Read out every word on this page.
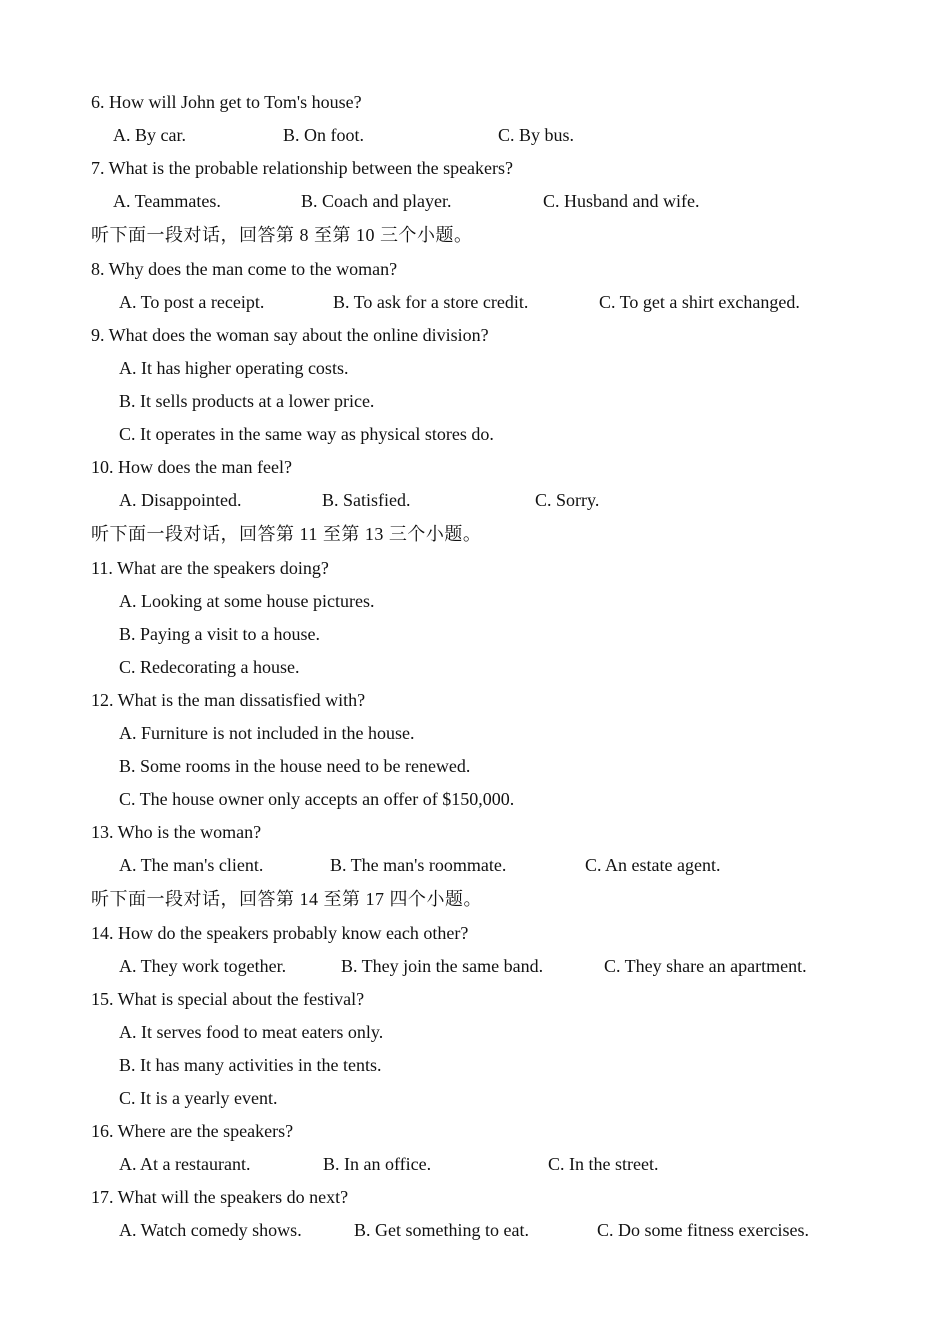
6. How will John get to Tom's house?
A. By car.	B. On foot.	C. By bus.
7. What is the probable relationship between the speakers?
A. Teammates.	B. Coach and player.	C. Husband and wife.
听下面一段对话，回答第 8 至第 10 三个小题。
8. Why does the man come to the woman?
A. To post a receipt.	B. To ask for a store credit.	C. To get a shirt exchanged.
9. What does the woman say about the online division?
A. It has higher operating costs.
B. It sells products at a lower price.
C. It operates in the same way as physical stores do.
10. How does the man feel?
A. Disappointed.	B. Satisfied.	C. Sorry.
听下面一段对话，回答第 11 至第 13 三个小题。
11. What are the speakers doing?
A. Looking at some house pictures.
B. Paying a visit to a house.
C. Redecorating a house.
12. What is the man dissatisfied with?
A. Furniture is not included in the house.
B. Some rooms in the house need to be renewed.
C. The house owner only accepts an offer of $150,000.
13. Who is the woman?
A. The man's client.	B. The man's roommate.	C. An estate agent.
听下面一段对话，回答第 14 至第 17 四个小题。
14. How do the speakers probably know each other?
A. They work together.	B. They join the same band.	C. They share an apartment.
15. What is special about the festival?
A. It serves food to meat eaters only.
B. It has many activities in the tents.
C. It is a yearly event.
16. Where are the speakers?
A. At a restaurant.	B. In an office.	C. In the street.
17. What will the speakers do next?
A. Watch comedy shows.	B. Get something to eat.	C. Do some fitness exercises.
